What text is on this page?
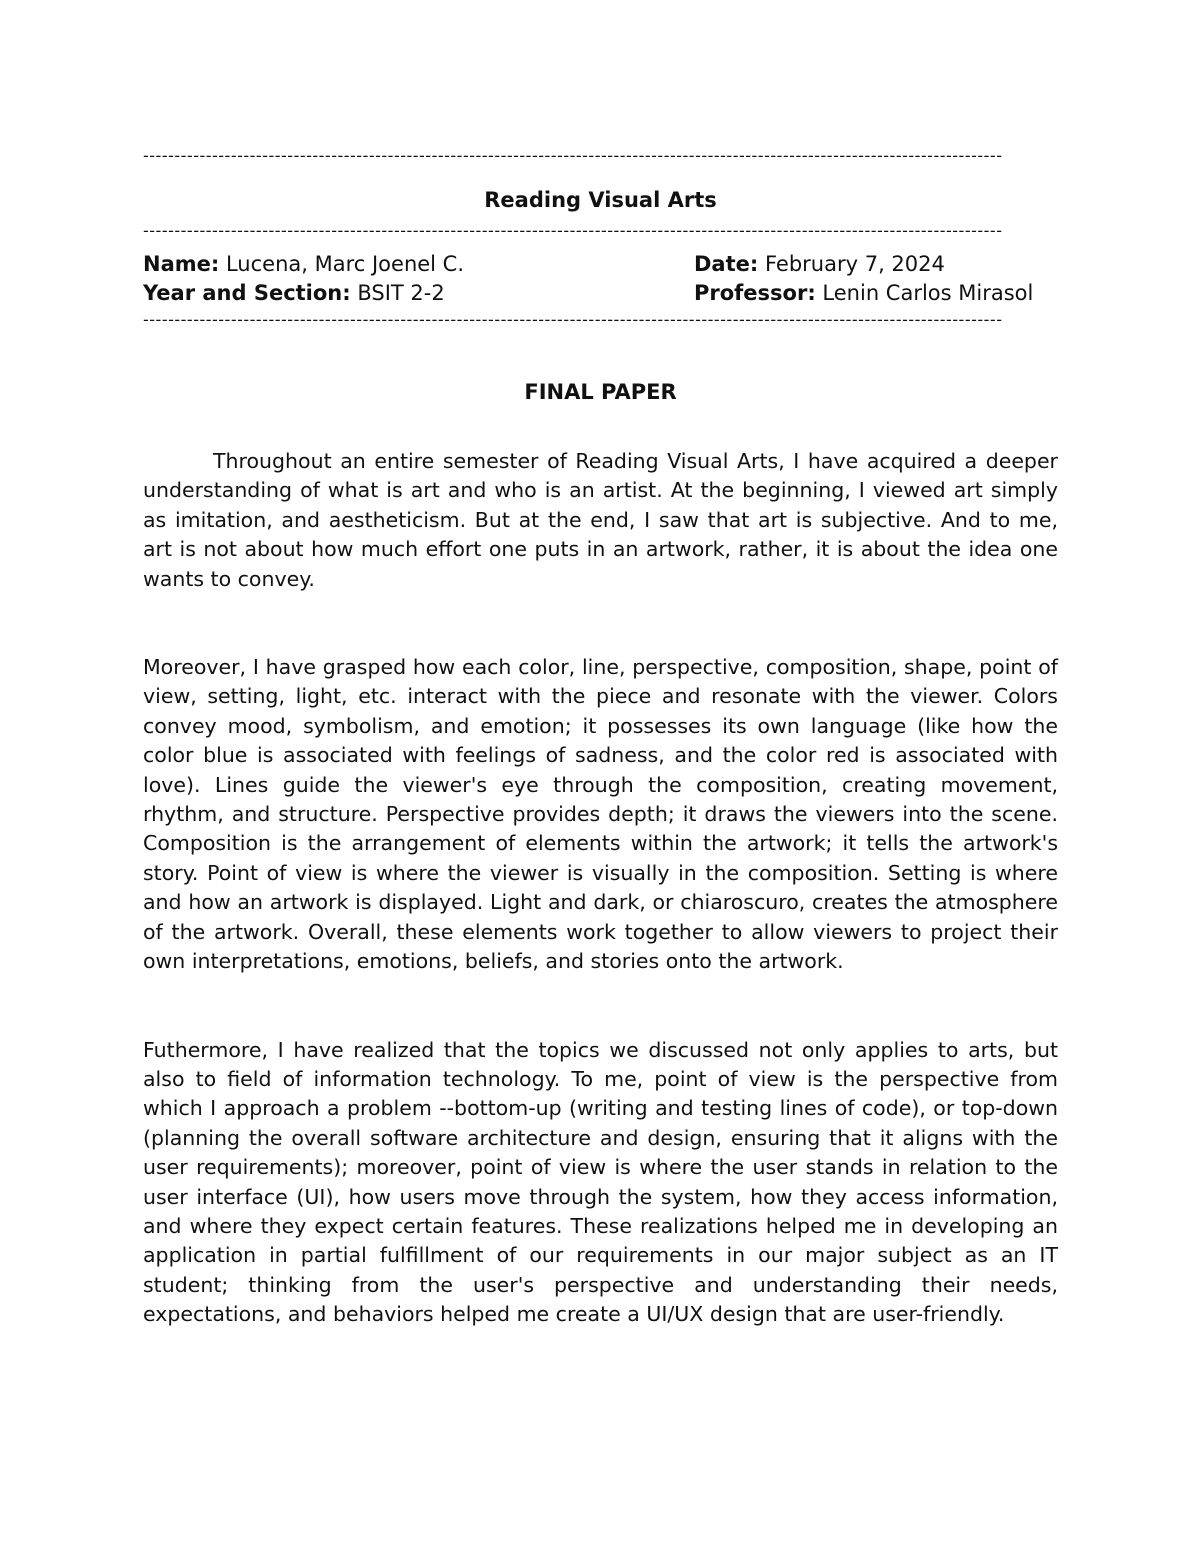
-----------------------------------------------------------------------------------------------------------------------------------------
Reading Visual Arts
-----------------------------------------------------------------------------------------------------------------------------------------
Name: Lucena, Marc Joenel C.
Year and Section: BSIT 2-2
Date: February 7, 2024
Professor: Lenin Carlos Mirasol
-----------------------------------------------------------------------------------------------------------------------------------------
FINAL PAPER

Throughout an entire semester of Reading Visual Arts, I have acquired a deeper understanding of what is art and who is an artist. At the beginning, I viewed art simply as imitation, and aestheticism. But at the end, I saw that art is subjective. And to me, art is not about how much effort one puts in an artwork, rather, it is about the idea one wants to convey.

Moreover, I have grasped how each color, line, perspective, composition, shape, point of view, setting, light, etc. interact with the piece and resonate with the viewer. Colors convey mood, symbolism, and emotion; it possesses its own language (like how the color blue is associated with feelings of sadness, and the color red is associated with love). Lines guide the viewer's eye through the composition, creating movement, rhythm, and structure. Perspective provides depth; it draws the viewers into the scene. Composition is the arrangement of elements within the artwork; it tells the artwork's story. Point of view is where the viewer is visually in the composition. Setting is where and how an artwork is displayed. Light and dark, or chiaroscuro, creates the atmosphere of the artwork. Overall, these elements work together to allow viewers to project their own interpretations, emotions, beliefs, and stories onto the artwork.

Futhermore, I have realized that the topics we discussed not only applies to arts, but also to field of information technology. To me, point of view is the perspective from which I approach a problem --bottom-up (writing and testing lines of code), or top-down (planning the overall software architecture and design, ensuring that it aligns with the user requirements); moreover, point of view is where the user stands in relation to the user interface (UI), how users move through the system, how they access information, and where they expect certain features. These realizations helped me in developing an application in partial fulfillment of our requirements in our major subject as an IT student; thinking from the user's perspective and understanding their needs, expectations, and behaviors helped me create a UI/UX design that are user-friendly.
